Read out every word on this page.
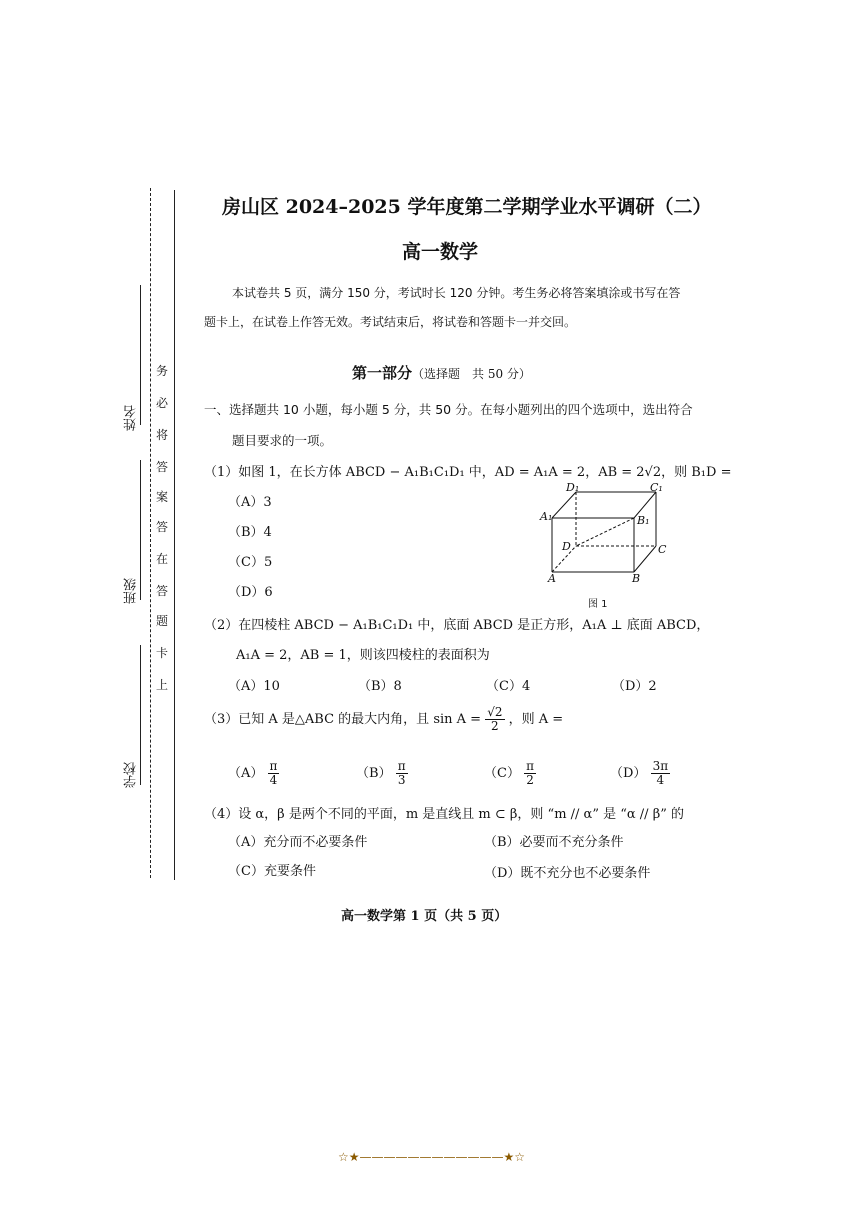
姓名
班级
学校
务
必
将
答
案
答
在
答
题
卡
上
房山区 2024–2025 学年度第二学期学业水平调研（二）
高一数学
本试卷共 5 页，满分 150 分，考试时长 120 分钟。考生务必将答案填涂或书写在答
题卡上，在试卷上作答无效。考试结束后，将试卷和答题卡一并交回。
第一部分（选择题　共 50 分）
一、选择题共 10 小题，每小题 5 分，共 50 分。在每小题列出的四个选项中，选出符合
题目要求的一项。
（1）如图 1，在长方体 ABCD − A₁B₁C₁D₁ 中，AD = A₁A = 2，AB = 2√2，则 B₁D =
（A）3
（B）4
（C）5
（D）6
D₁	C₁
A₁	B₁
D	C
A	B
图 1
（2）在四棱柱 ABCD − A₁B₁C₁D₁ 中，底面 ABCD 是正方形，A₁A ⊥ 底面 ABCD，
A₁A = 2，AB = 1，则该四棱柱的表面积为
（A）10	（B）8	（C）4	（D）2
（3）已知 A 是△ABC 的最大内角，且 $\sin A = \frac{√2}{2}$ ，则 A =
$(A) \frac{\pi}{4}$	$(B) \frac{\pi}{3}$	$(C) \frac{\pi}{2}$	$(D) \frac{3\pi}{4}$
（4）设 α，β 是两个不同的平面，m 是直线且 m ⊂ β，则 “m // α” 是 “α // β” 的
（A）充分而不必要条件	（B）必要而不充分条件
（C）充要条件	（D）既不充分也不必要条件
高一数学第 1 页（共 5 页）
☆★————————————★☆
